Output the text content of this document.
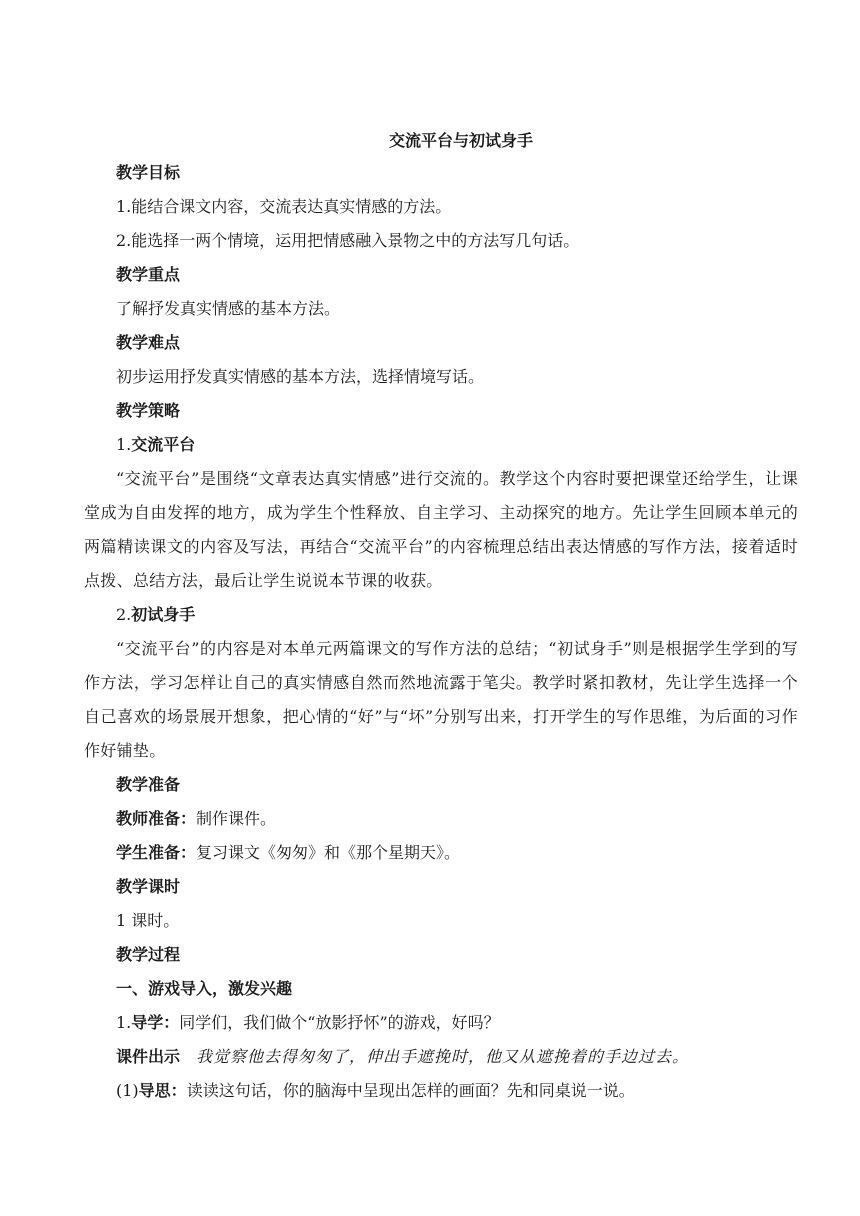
交流平台与初试身手
教学目标
1.能结合课文内容，交流表达真实情感的方法。
2.能选择一两个情境，运用把情感融入景物之中的方法写几句话。
教学重点
了解抒发真实情感的基本方法。
教学难点
初步运用抒发真实情感的基本方法，选择情境写话。
教学策略
1.交流平台
“交流平台”是围绕“文章表达真实情感”进行交流的。教学这个内容时要把课堂还给学生，让课堂成为自由发挥的地方，成为学生个性释放、自主学习、主动探究的地方。先让学生回顾本单元的两篇精读课文的内容及写法，再结合“交流平台”的内容梳理总结出表达情感的写作方法，接着适时点拨、总结方法，最后让学生说说本节课的收获。
2.初试身手
“交流平台”的内容是对本单元两篇课文的写作方法的总结；“初试身手”则是根据学生学到的写作方法，学习怎样让自己的真实情感自然而然地流露于笔尖。教学时紧扣教材，先让学生选择一个自己喜欢的场景展开想象，把心情的“好”与“坏”分别写出来，打开学生的写作思维，为后面的习作作好铺垫。
教学准备
教师准备：制作课件。
学生准备：复习课文《匆匆》和《那个星期天》。
教学课时
1 课时。
教学过程
一、游戏导入，激发兴趣
1.导学：同学们，我们做个“放影抒怀”的游戏，好吗？
课件出示 我觉察他去得匆匆了，伸出手遮挽时，他又从遮挽着的手边过去。
(1)导思：读读这句话，你的脑海中呈现出怎样的画面？先和同桌说一说。
